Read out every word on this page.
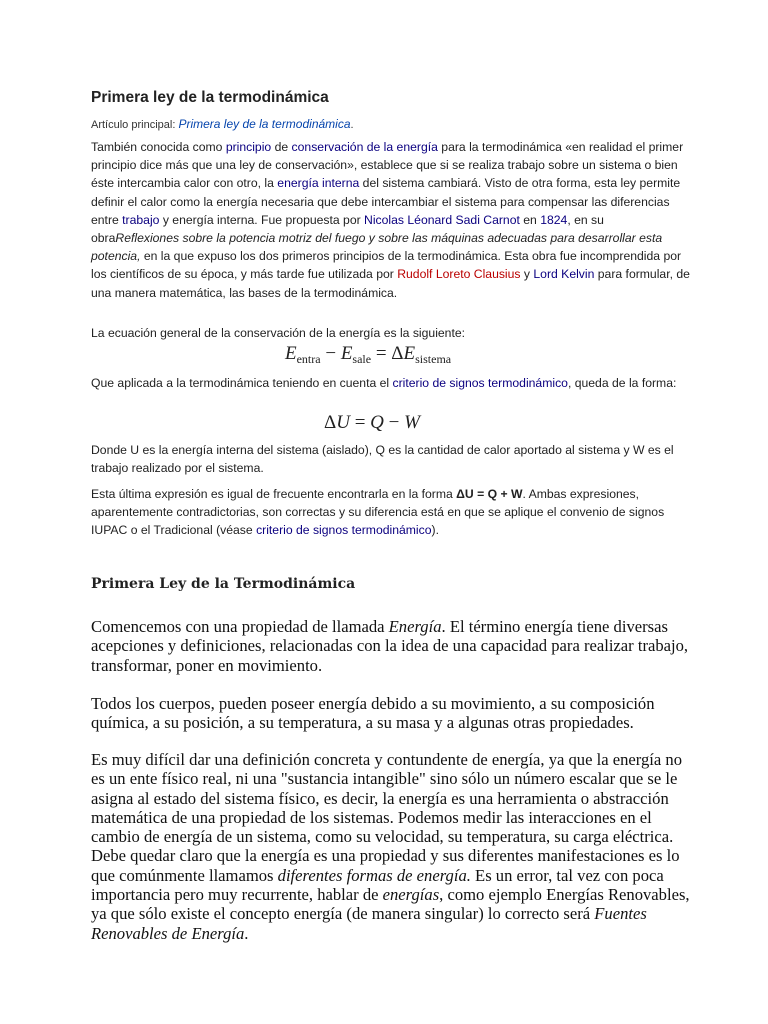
Primera ley de la termodinámica
Artículo principal: Primera ley de la termodinámica.

También conocida como principio de conservación de la energía para la termodinámica «en realidad el primer principio dice más que una ley de conservación», establece que si se realiza trabajo sobre un sistema o bien éste intercambia calor con otro, la energía interna del sistema cambiará. Visto de otra forma, esta ley permite definir el calor como la energía necesaria que debe intercambiar el sistema para compensar las diferencias entre trabajo y energía interna. Fue propuesta por Nicolas Léonard Sadi Carnot en 1824, en su obraReflexiones sobre la potencia motriz del fuego y sobre las máquinas adecuadas para desarrollar esta potencia, en la que expuso los dos primeros principios de la termodinámica. Esta obra fue incomprendida por los científicos de su época, y más tarde fue utilizada por Rudolf Loreto Clausius y Lord Kelvin para formular, de una manera matemática, las bases de la termodinámica.

La ecuación general de la conservación de la energía es la siguiente:

$E_{entra} - E_{sale} = \Delta E_{sistema}$

Que aplicada a la termodinámica teniendo en cuenta el criterio de signos termodinámico, queda de la forma:

ΔU = Q − W

Donde U es la energía interna del sistema (aislado), Q es la cantidad de calor aportado al sistema y W es el trabajo realizado por el sistema.

Esta última expresión es igual de frecuente encontrarla en la forma ΔU = Q + W. Ambas expresiones, aparentemente contradictorias, son correctas y su diferencia está en que se aplique el convenio de signos IUPAC o el Tradicional (véase criterio de signos termodinámico).

Primera Ley de la Termodinámica

Comencemos con una propiedad de llamada Energía. El término energía tiene diversas acepciones y definiciones, relacionadas con la idea de una capacidad para realizar trabajo, transformar, poner en movimiento.

Todos los cuerpos, pueden poseer energía debido a su movimiento, a su composición química, a su posición, a su temperatura, a su masa y a algunas otras propiedades.

Es muy difícil dar una definición concreta y contundente de energía, ya que la energía no es un ente físico real, ni una "sustancia intangible" sino sólo un número escalar que se le asigna al estado del sistema físico, es decir, la energía es una herramienta o abstracción matemática de una propiedad de los sistemas. Podemos medir las interacciones en el cambio de energía de un sistema, como su velocidad, su temperatura, su carga eléctrica. Debe quedar claro que la energía es una propiedad y sus diferentes manifestaciones es lo que comúnmente llamamos diferentes formas de energía. Es un error, tal vez con poca importancia pero muy recurrente, hablar de energías, como ejemplo Energías Renovables, ya que sólo existe el concepto energía (de manera singular) lo correcto será Fuentes Renovables de Energía.
